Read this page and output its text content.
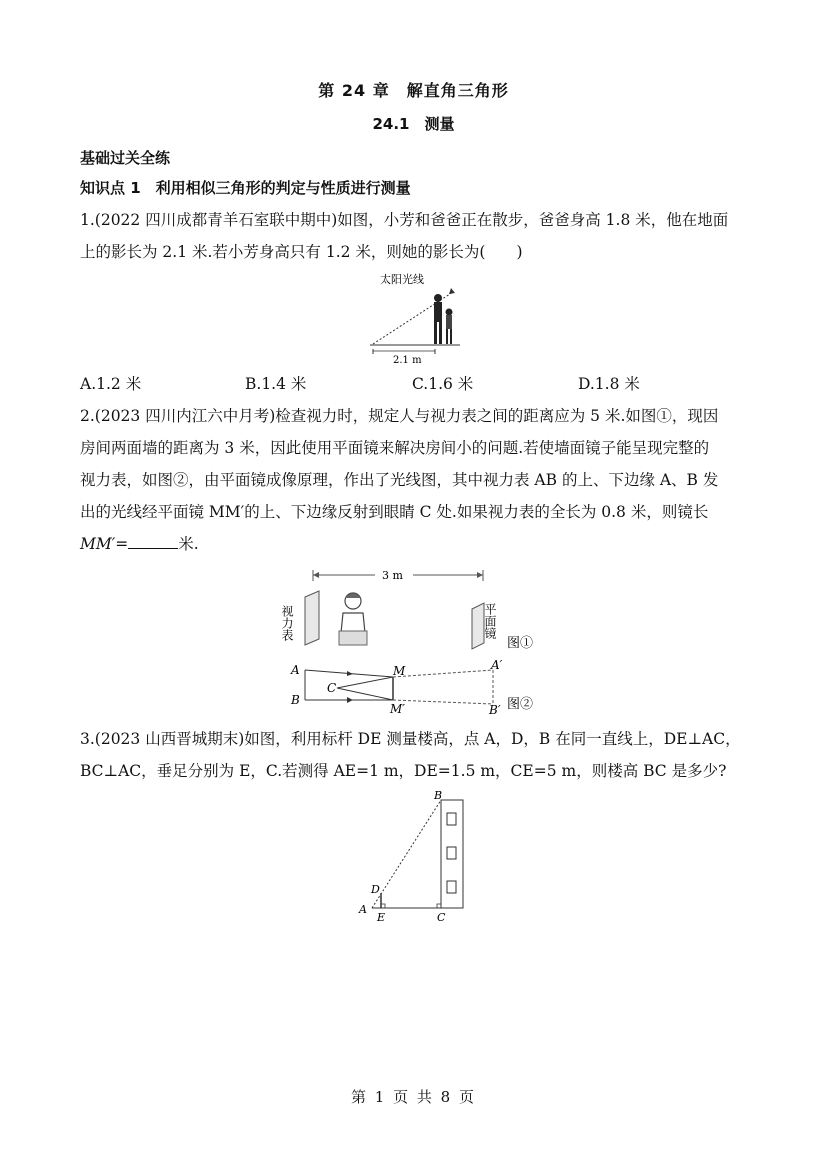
第 24 章　解直角三角形
24.1　测量
基础过关全练
知识点 1　利用相似三角形的判定与性质进行测量
1.(2022 四川成都青羊石室联中期中)如图，小芳和爸爸正在散步，爸爸身高 1.8 米，他在地面
上的影长为 2.1 米.若小芳身高只有 1.2 米，则她的影长为(　　)
太阳光线
2.1 m
A.1.2 米	B.1.4 米	C.1.6 米	D.1.8 米
2.(2023 四川内江六中月考)检查视力时，规定人与视力表之间的距离应为 5 米.如图①，现因
房间两面墙的距离为 3 米，因此使用平面镜来解决房间小的问题.若使墙面镜子能呈现完整的
视力表，如图②，由平面镜成像原理，作出了光线图，其中视力表 AB 的上、下边缘 A、B 发
出的光线经平面镜 MM′的上、下边缘反射到眼睛 C 处.如果视力表的全长为 0.8 米，则镜长
MM′=	米.
3 m
视力表	平面镜
图①
A
B
C
M
M′
A′
B′ 图②
3.(2023 山西晋城期末)如图，利用标杆 DE 测量楼高，点 A，D，B 在同一直线上，DE⊥AC，
BC⊥AC，垂足分别为 E，C.若测得 AE=1 m，DE=1.5 m，CE=5 m，则楼高 BC 是多少?
A
B
C
D
E
第 1 页 共 8 页
